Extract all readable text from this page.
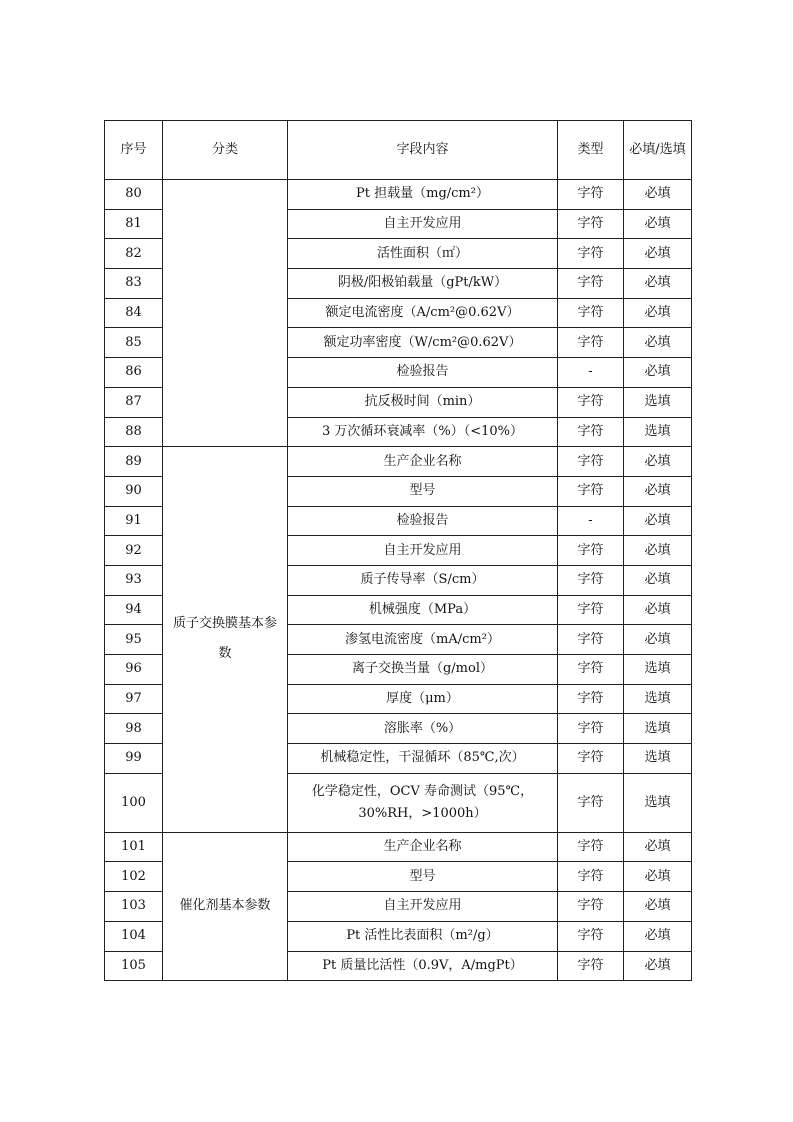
序号	分类	字段内容	类型	必填/选填
80		Pt 担载量（mg/cm²）	字符	必填
81		自主开发应用	字符	必填
82		活性面积（㎡）	字符	必填
83		阴极/阳极铂载量（gPt/kW）	字符	必填
84		额定电流密度（A/cm²@0.62V）	字符	必填
85		额定功率密度（W/cm²@0.62V）	字符	必填
86		检验报告	-	必填
87		抗反极时间（min）	字符	选填
88		3 万次循环衰减率（%）（<10%）	字符	选填
89	质子交换膜基本参数	生产企业名称	字符	必填
90		型号	字符	必填
91		检验报告	-	必填
92		自主开发应用	字符	必填
93		质子传导率（S/cm）	字符	必填
94		机械强度（MPa）	字符	必填
95		渗氢电流密度（mA/cm²）	字符	必填
96		离子交换当量（g/mol）	字符	选填
97		厚度（μm）	字符	选填
98		溶胀率（%）	字符	选填
99		机械稳定性，干湿循环（85℃,次）	字符	选填
100		化学稳定性，OCV 寿命测试（95℃，30%RH，>1000h）	字符	选填
101	催化剂基本参数	生产企业名称	字符	必填
102		型号	字符	必填
103		自主开发应用	字符	必填
104		Pt 活性比表面积（m²/g）	字符	必填
105		Pt 质量比活性（0.9V，A/mgPt）	字符	必填
